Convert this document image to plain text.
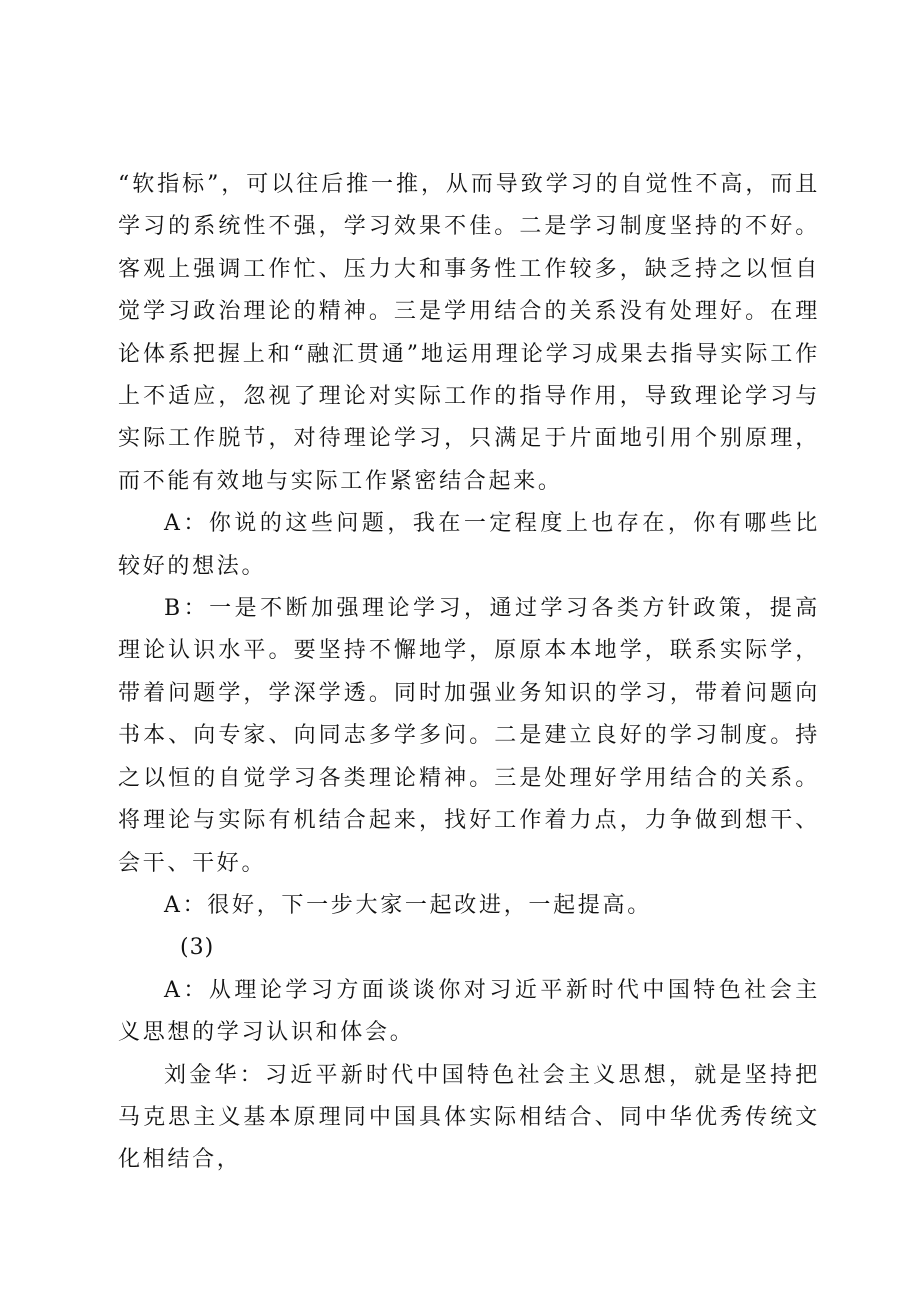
“软指标”，可以往后推一推，从而导致学习的自觉性不高，而且学习的系统性不强，学习效果不佳。二是学习制度坚持的不好。客观上强调工作忙、压力大和事务性工作较多，缺乏持之以恒自觉学习政治理论的精神。三是学用结合的关系没有处理好。在理论体系把握上和“融汇贯通”地运用理论学习成果去指导实际工作上不适应，忽视了理论对实际工作的指导作用，导致理论学习与实际工作脱节，对待理论学习，只满足于片面地引用个别原理，而不能有效地与实际工作紧密结合起来。

A：你说的这些问题，我在一定程度上也存在，你有哪些比较好的想法。

B：一是不断加强理论学习，通过学习各类方针政策，提高理论认识水平。要坚持不懈地学，原原本本地学，联系实际学，带着问题学，学深学透。同时加强业务知识的学习，带着问题向书本、向专家、向同志多学多问。二是建立良好的学习制度。持之以恒的自觉学习各类理论精神。三是处理好学用结合的关系。将理论与实际有机结合起来，找好工作着力点，力争做到想干、会干、干好。

A：很好，下一步大家一起改进，一起提高。

(3)

A：从理论学习方面谈谈你对习近平新时代中国特色社会主义思想的学习认识和体会。

刘金华：习近平新时代中国特色社会主义思想，就是坚持把马克思主义基本原理同中国具体实际相结合、同中华优秀传统文化相结合，
